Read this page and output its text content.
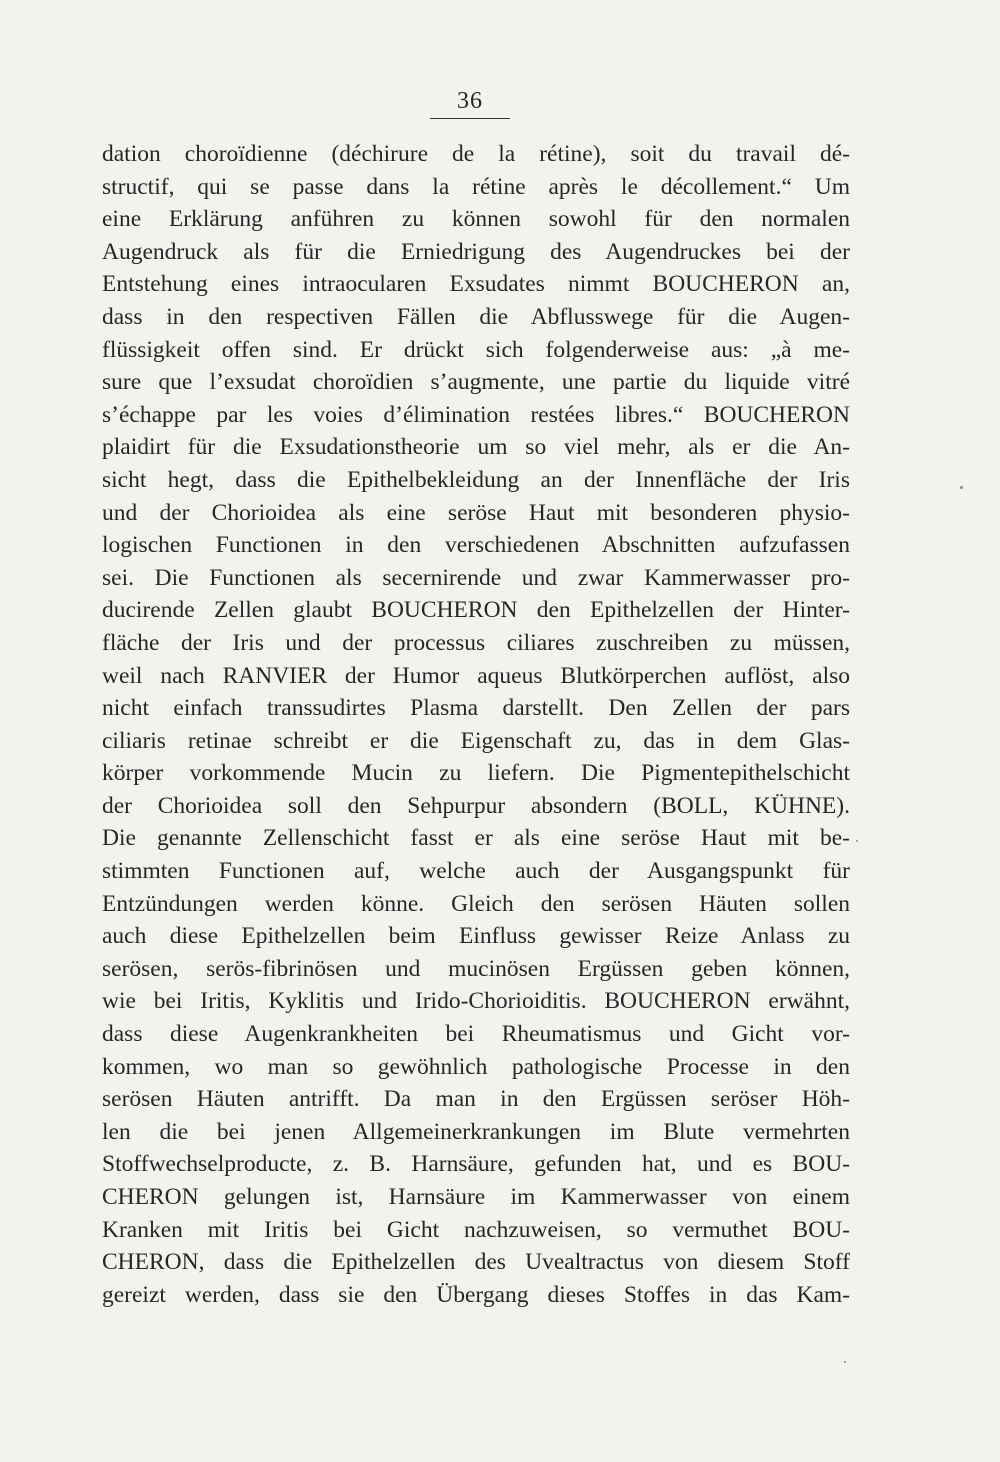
36
dation choroïdienne (déchirure de la rétine), soit du travail dé-
structif, qui se passe dans la rétine après le décollement.“ Um
eine Erklärung anführen zu können sowohl für den normalen
Augendruck als für die Erniedrigung des Augendruckes bei der
Entstehung eines intraocularen Exsudates nimmt BOUCHERON an,
dass in den respectiven Fällen die Abflusswege für die Augen-
flüssigkeit offen sind. Er drückt sich folgenderweise aus: „à me-
sure que l’exsudat choroïdien s’augmente, une partie du liquide vitré
s’échappe par les voies d’élimination restées libres.“ BOUCHERON
plaidirt für die Exsudationstheorie um so viel mehr, als er die An-
sicht hegt, dass die Epithelbekleidung an der Innenfläche der Iris
und der Chorioidea als eine seröse Haut mit besonderen physio-
logischen Functionen in den verschiedenen Abschnitten aufzufassen
sei. Die Functionen als secernirende und zwar Kammerwasser pro-
ducirende Zellen glaubt BOUCHERON den Epithelzellen der Hinter-
fläche der Iris und der processus ciliares zuschreiben zu müssen,
weil nach RANVIER der Humor aqueus Blutkörperchen auflöst, also
nicht einfach transsudirtes Plasma darstellt. Den Zellen der pars
ciliaris retinae schreibt er die Eigenschaft zu, das in dem Glas-
körper vorkommende Mucin zu liefern. Die Pigmentepithelschicht
der Chorioidea soll den Sehpurpur absondern (BOLL, KÜHNE).
Die genannte Zellenschicht fasst er als eine seröse Haut mit be-
stimmten Functionen auf, welche auch der Ausgangspunkt für
Entzündungen werden könne. Gleich den serösen Häuten sollen
auch diese Epithelzellen beim Einfluss gewisser Reize Anlass zu
serösen, serös-fibrinösen und mucinösen Ergüssen geben können,
wie bei Iritis, Kyklitis und Irido-Chorioiditis. BOUCHERON erwähnt,
dass diese Augenkrankheiten bei Rheumatismus und Gicht vor-
kommen, wo man so gewöhnlich pathologische Processe in den
serösen Häuten antrifft. Da man in den Ergüssen seröser Höh-
len die bei jenen Allgemeinerkrankungen im Blute vermehrten
Stoffwechselproducte, z. B. Harnsäure, gefunden hat, und es BOU-
CHERON gelungen ist, Harnsäure im Kammerwasser von einem
Kranken mit Iritis bei Gicht nachzuweisen, so vermuthet BOU-
CHERON, dass die Epithelzellen des Uvealtractus von diesem Stoff
gereizt werden, dass sie den Übergang dieses Stoffes in das Kam-
